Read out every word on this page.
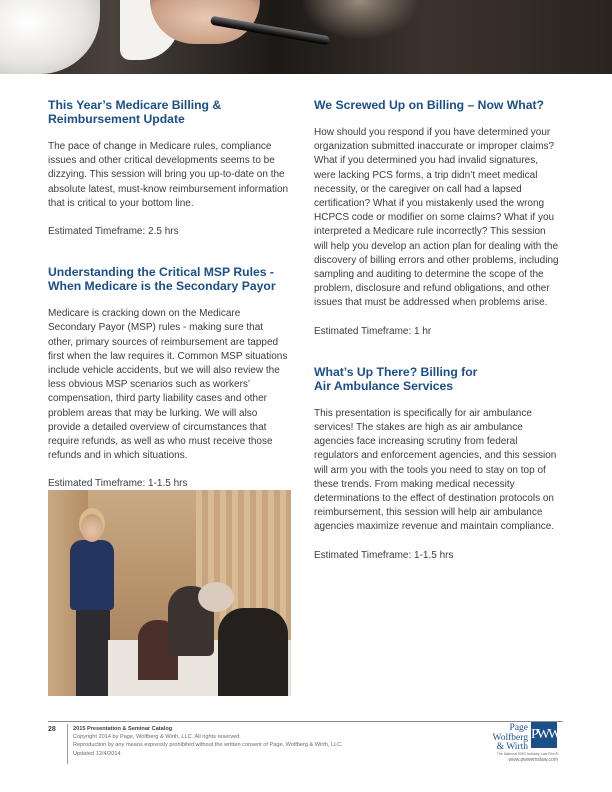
This Year’s Medicare Billing &
Reimbursement Update

The pace of change in Medicare rules, compliance issues and other critical developments seems to be dizzying. This session will bring you up-to-date on the absolute latest, must-know reimbursement information that is critical to your bottom line.

Estimated Timeframe: 2.5 hrs

Understanding the Critical MSP Rules -
When Medicare is the Secondary Payor

Medicare is cracking down on the Medicare Secondary Payor (MSP) rules - making sure that other, primary sources of reimbursement are tapped first when the law requires it. Common MSP situations include vehicle accidents, but we will also review the less obvious MSP scenarios such as workers’ compensation, third party liability cases and other problem areas that may be lurking. We will also provide a detailed overview of circumstances that require refunds, as well as who must receive those refunds and in which situations.

Estimated Timeframe: 1-1.5 hrs

We Screwed Up on Billing – Now What?

How should you respond if you have determined your organization submitted inaccurate or improper claims? What if you determined you had invalid signatures, were lacking PCS forms, a trip didn’t meet medical necessity, or the caregiver on call had a lapsed certification? What if you mistakenly used the wrong HCPCS code or modifier on some claims? What if you interpreted a Medicare rule incorrectly? This session will help you develop an action plan for dealing with the discovery of billing errors and other problems, including sampling and auditing to determine the scope of the problem, disclosure and refund obligations, and other issues that must be addressed when problems arise.

Estimated Timeframe: 1 hr

What’s Up There? Billing for
Air Ambulance Services

This presentation is specifically for air ambulance services! The stakes are high as air ambulance agencies face increasing scrutiny from federal regulators and enforcement agencies, and this session will arm you with the tools you need to stay on top of these trends. From making medical necessity determinations to the effect of destination protocols on reimbursement, this session will help air ambulance agencies maximize revenue and maintain compliance.

Estimated Timeframe: 1-1.5 hrs

28	2015 Presentation & Seminar Catalog
Copyright 2014 by Page, Wolfberg & Wirth, LLC. All rights reserved.
Reproduction by any means expressly prohibited without the written consent of Page, Wolfberg & Wirth, LLC.
Updated 12/4/2014
Page
Wolfberg
& Wirth
PWW
The National EMS Industry Law Firm®
www.pwwemslaw.com
